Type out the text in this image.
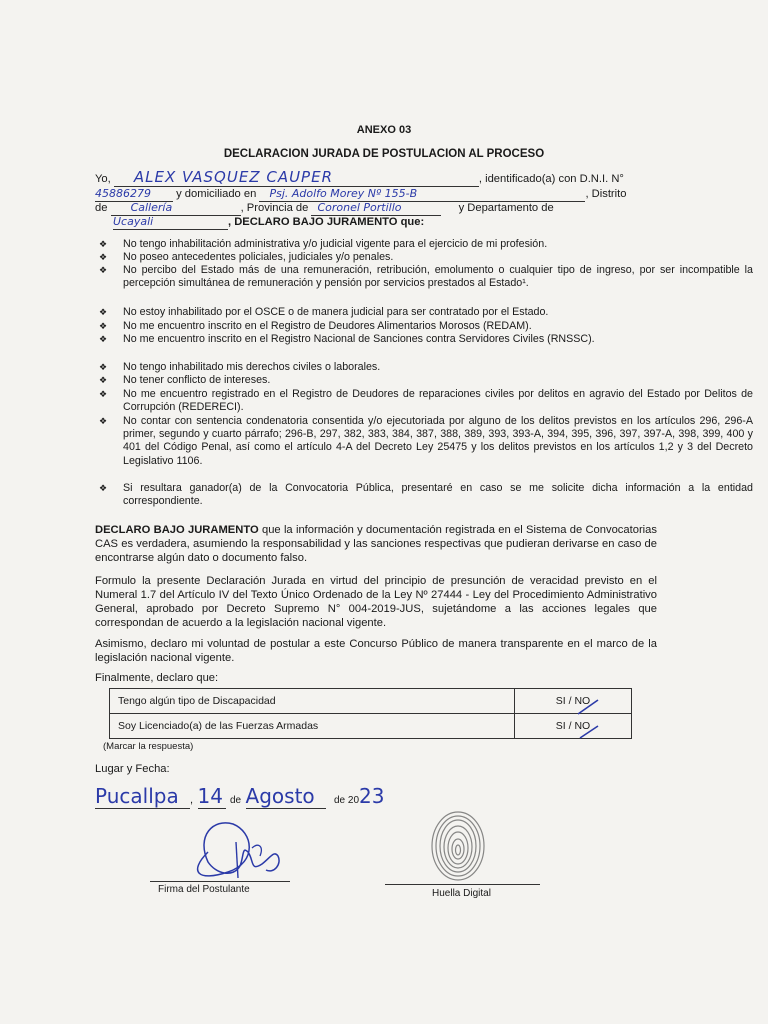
ANEXO 03
DECLARACION JURADA DE POSTULACION AL PROCESO
Yo, ALEX VASQUEZ CAUPER	, identificado(a) con D.N.I. N°
45886279 y domiciliado en Psj. Adolfo Morey Nº 155-B	, Distrito
de Callería	, Provincia de Coronel Portillo	y Departamento de
Ucayali	, DECLARO BAJO JURAMENTO que:
❖ No tengo inhabilitación administrativa y/o judicial vigente para el ejercicio de mi profesión.
❖ No poseo antecedentes policiales, judiciales y/o penales.
❖ No percibo del Estado más de una remuneración, retribución, emolumento o cualquier tipo de ingreso, por ser incompatible la percepción simultánea de remuneración y pensión por servicios prestados al Estado¹.
❖ No estoy inhabilitado por el OSCE o de manera judicial para ser contratado por el Estado.
❖ No me encuentro inscrito en el Registro de Deudores Alimentarios Morosos (REDAM).
❖ No me encuentro inscrito en el Registro Nacional de Sanciones contra Servidores Civiles (RNSSC).
❖ No tengo inhabilitado mis derechos civiles o laborales.
❖ No tener conflicto de intereses.
❖ No me encuentro registrado en el Registro de Deudores de reparaciones civiles por delitos en agravio del Estado por Delitos de Corrupción (REDERECI).
❖ No contar con sentencia condenatoria consentida y/o ejecutoriada por alguno de los delitos previstos en los artículos 296, 296-A primer, segundo y cuarto párrafo; 296-B, 297, 382, 383, 384, 387, 388, 389, 393, 393-A, 394, 395, 396, 397, 397-A, 398, 399, 400 y 401 del Código Penal, así como el artículo 4-A del Decreto Ley 25475 y los delitos previstos en los artículos 1,2 y 3 del Decreto Legislativo 1106.
❖ Si resultara ganador(a) de la Convocatoria Pública, presentaré en caso se me solicite dicha información a la entidad correspondiente.
DECLARO BAJO JURAMENTO que la información y documentación registrada en el Sistema de Convocatorias CAS es verdadera, asumiendo la responsabilidad y las sanciones respectivas que pudieran derivarse en caso de encontrarse algún dato o documento falso.
Formulo la presente Declaración Jurada en virtud del principio de presunción de veracidad previsto en el Numeral 1.7 del Artículo IV del Texto Único Ordenado de la Ley Nº 27444 - Ley del Procedimiento Administrativo General, aprobado por Decreto Supremo N° 004-2019-JUS, sujetándome a las acciones legales que correspondan de acuerdo a la legislación nacional vigente.
Asimismo, declaro mi voluntad de postular a este Concurso Público de manera transparente en el marco de la legislación nacional vigente.
Finalmente, declaro que:
Tengo algún tipo de Discapacidad	SI / NO
Soy Licenciado(a) de las Fuerzas Armadas	SI / NO
(Marcar la respuesta)
Lugar y Fecha:
Pucallpa , 14 de Agosto de 2023
Firma del Postulante	Huella Digital
